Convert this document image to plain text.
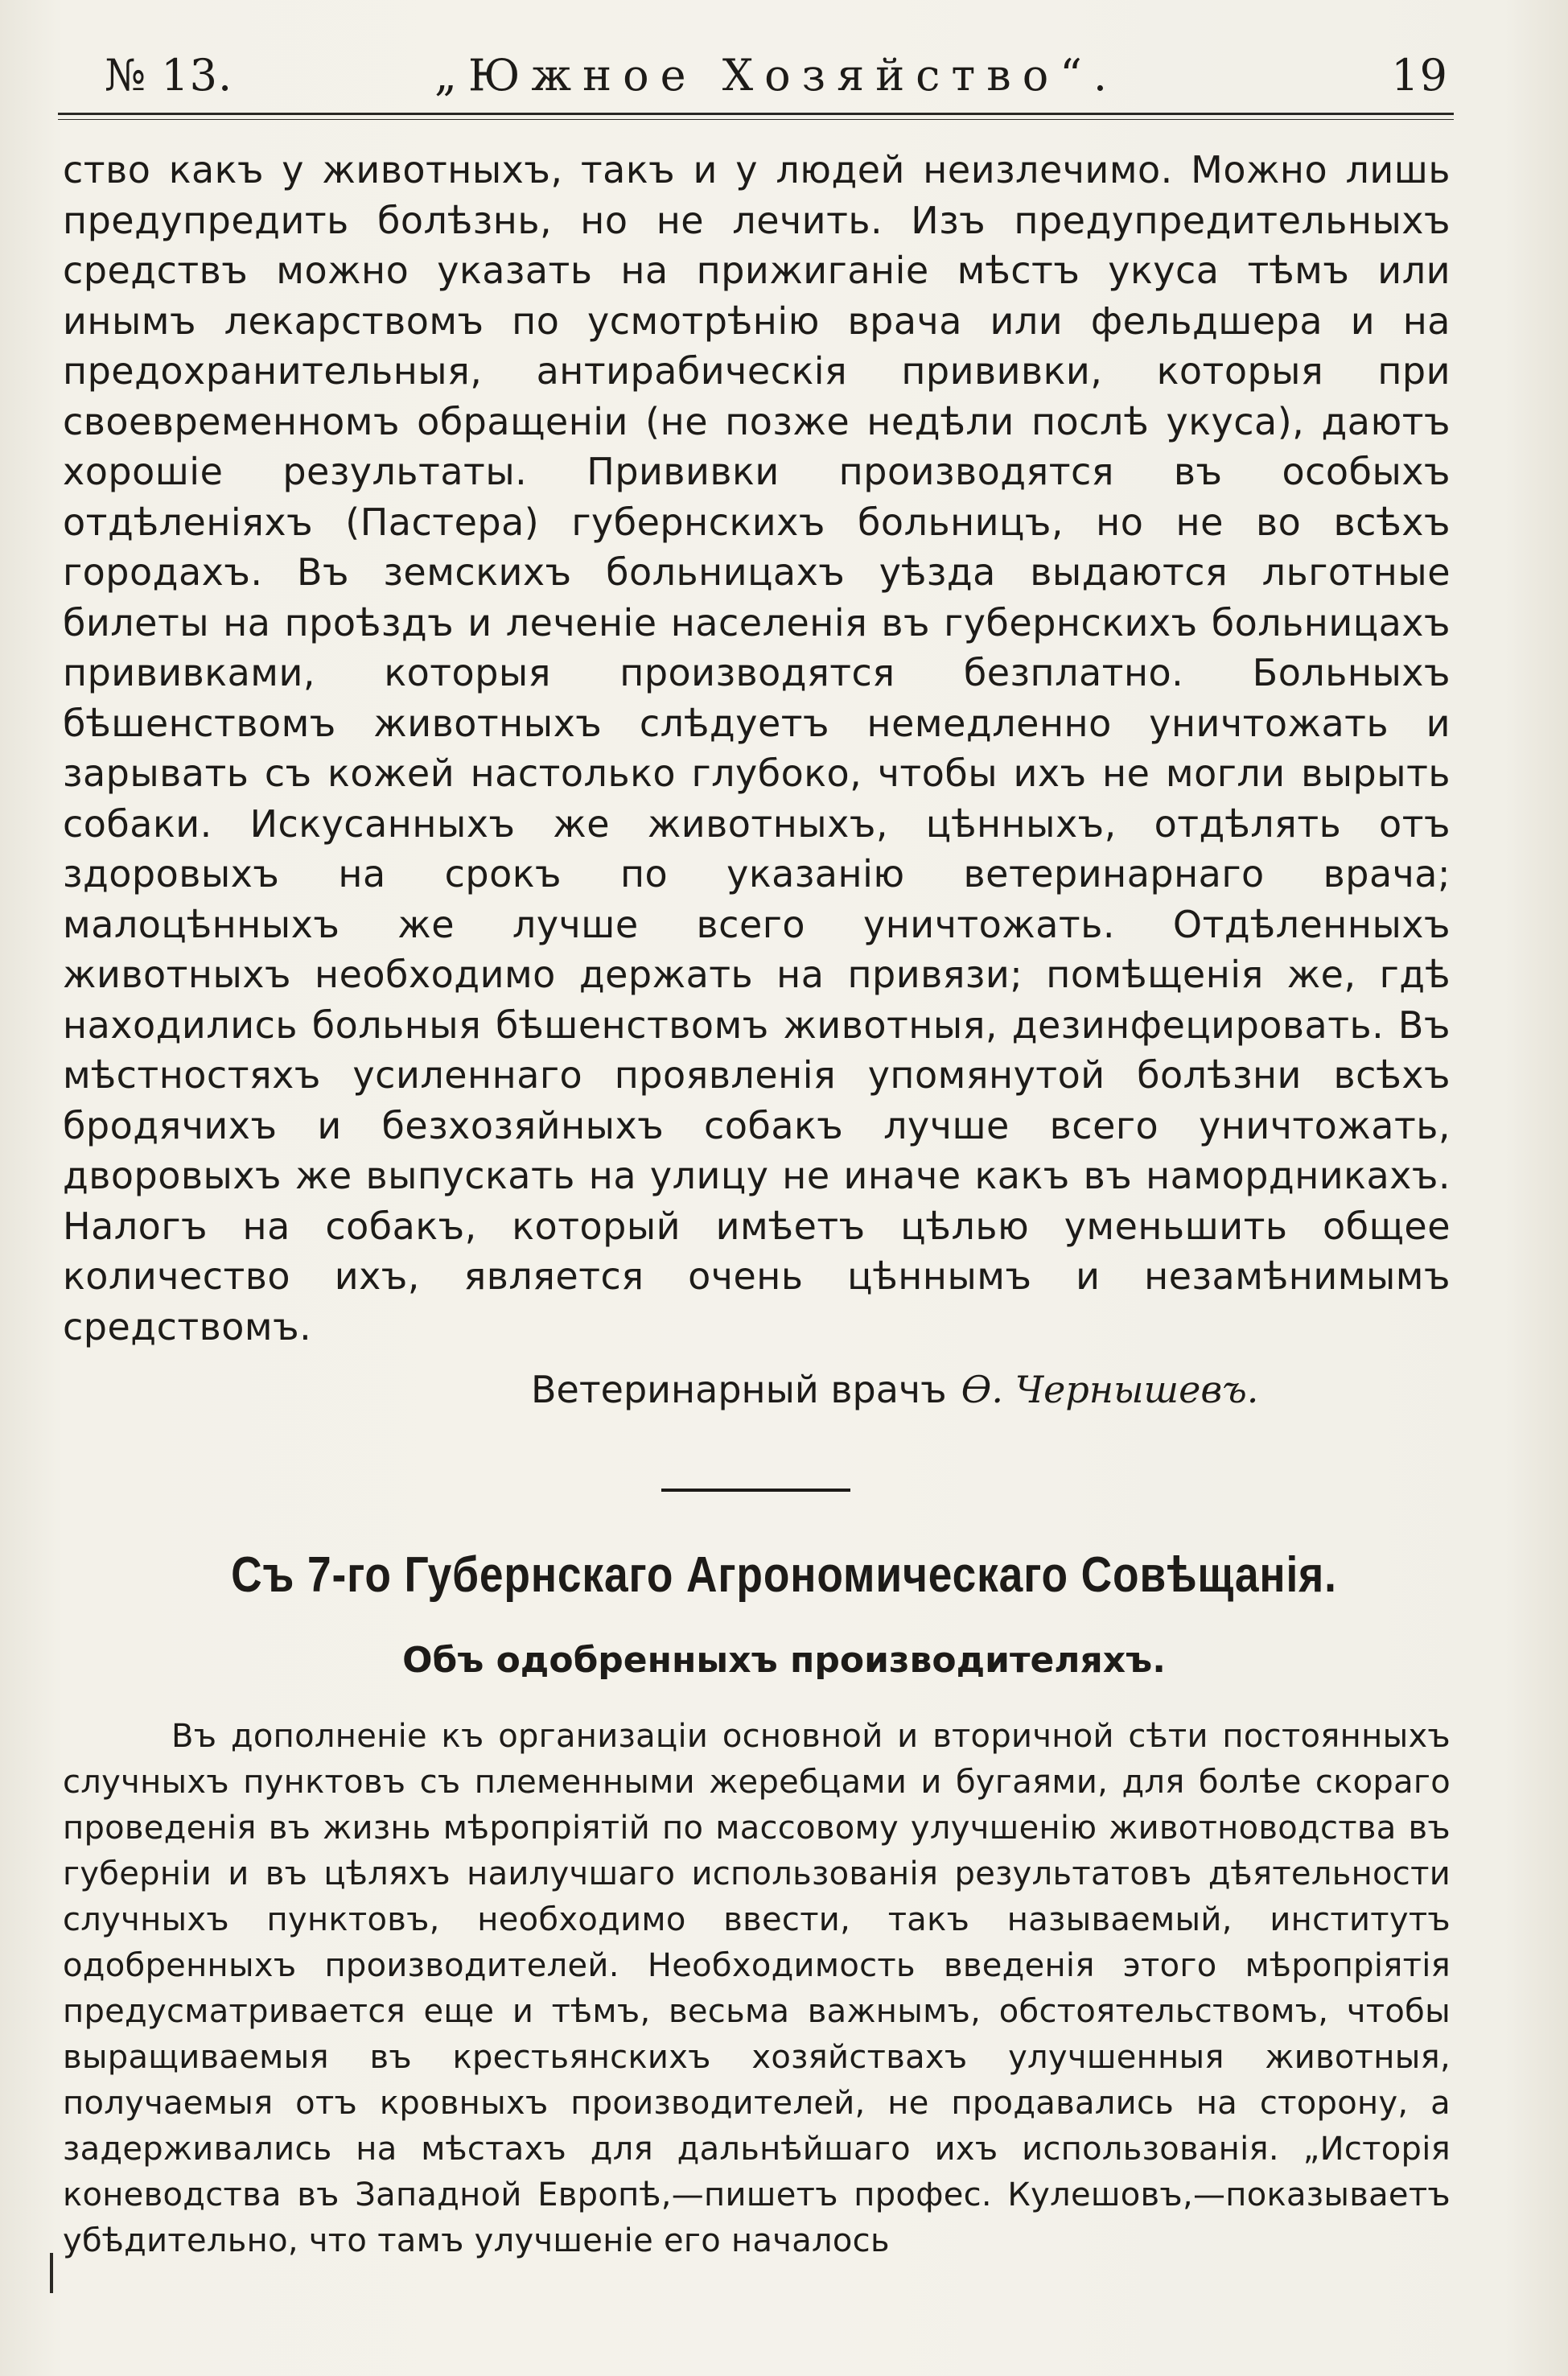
№ 13.	„Южное Хозяйство“.	19

ство какъ у животныхъ, такъ и у людей неизлечимо. Можно лишь предупредить болѣзнь, но не лечить. Изъ предупредительныхъ средствъ можно указать на прижиганіе мѣстъ укуса тѣмъ или инымъ лекарствомъ по усмотрѣнію врача или фельдшера и на предохранительныя, антирабическія прививки, которыя при своевременномъ обращеніи (не позже недѣли послѣ укуса), даютъ хорошіе результаты. Прививки производятся въ особыхъ отдѣленіяхъ (Пастера) губернскихъ больницъ, но не во всѣхъ городахъ. Въ земскихъ больницахъ уѣзда выдаются льготные билеты на проѣздъ и леченіе населенія въ губернскихъ больницахъ прививками, которыя производятся безплатно. Больныхъ бѣшенствомъ животныхъ слѣдуетъ немедленно уничтожать и зарывать съ кожей настолько глубоко, чтобы ихъ не могли вырыть собаки. Искусанныхъ же животныхъ, цѣнныхъ, отдѣлять отъ здоровыхъ на срокъ по указанію ветеринарнаго врача; малоцѣнныхъ же лучше всего уничтожать. Отдѣленныхъ животныхъ необходимо держать на привязи; помѣщенія же, гдѣ находились больныя бѣшенствомъ животныя, дезинфецировать. Въ мѣстностяхъ усиленнаго проявленія упомянутой болѣзни всѣхъ бродячихъ и безхозяйныхъ собакъ лучше всего уничтожать, дворовыхъ же выпускать на улицу не иначе какъ въ намордникахъ. Налогъ на собакъ, который имѣетъ цѣлью уменьшить общее количество ихъ, является очень цѣннымъ и незамѣнимымъ средствомъ.

Ветеринарный врачъ Ѳ. Чернышевъ.
Съ 7-го Губернскаго Агрономическаго Совѣщанія.
Объ одобренныхъ производителяхъ.

Въ дополненіе къ организаціи основной и вторичной сѣти постоянныхъ случныхъ пунктовъ съ племенными жеребцами и бугаями, для болѣе скораго проведенія въ жизнь мѣропріятій по массовому улучшенію животноводства въ губерніи и въ цѣляхъ наилучшаго использованія результатовъ дѣятельности случныхъ пунктовъ, необходимо ввести, такъ называемый, институтъ одобренныхъ производителей. Необходимость введенія этого мѣропріятія предусматривается еще и тѣмъ, весьма важнымъ, обстоятельствомъ, чтобы выращиваемыя въ крестьянскихъ хозяйствахъ улучшенныя животныя, получаемыя отъ кровныхъ производителей, не продавались на сторону, а задерживались на мѣстахъ для дальнѣйшаго ихъ использованія. „Исторія коневодства въ Западной Европѣ,—пишетъ профес. Кулешовъ,—показываетъ убѣдительно, что тамъ улучшеніе его началось
